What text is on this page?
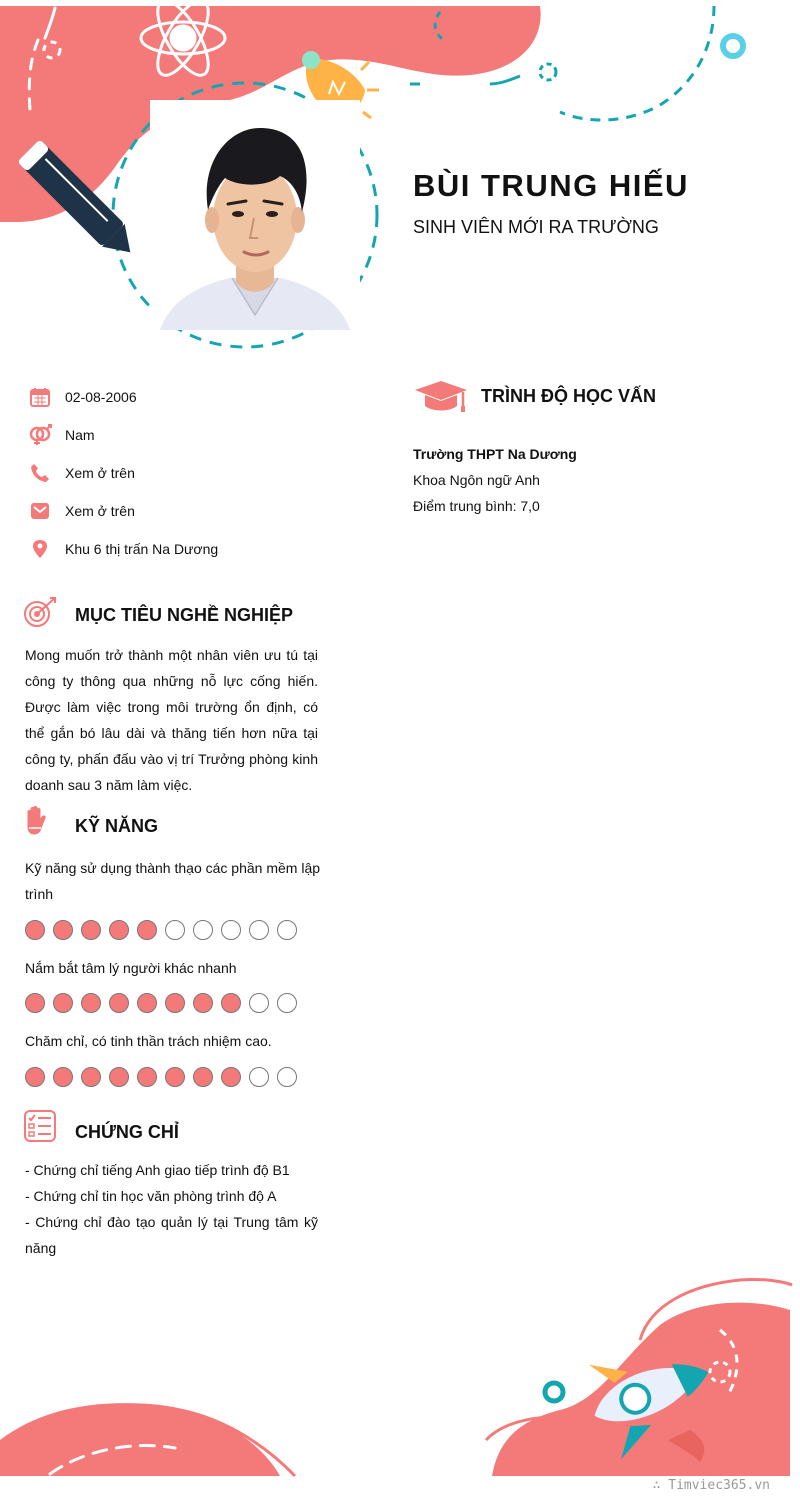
BÙI TRUNG HIẾU
SINH VIÊN MỚI RA TRƯỜNG
02-08-2006
Nam
Xem ở trên
Xem ở trên
Khu 6 thị trấn Na Dương
MỤC TIÊU NGHỀ NGHIỆP
Mong muốn trở thành một nhân viên ưu tú tại công ty thông qua những nỗ lực cống hiến. Được làm việc trong môi trường ổn định, có thể gắn bó lâu dài và thăng tiến hơn nữa tại công ty, phấn đấu vào vị trí Trưởng phòng kinh doanh sau 3 năm làm việc.
KỸ NĂNG
Kỹ năng sử dụng thành thạo các phần mềm lập trình
Nắm bắt tâm lý người khác nhanh
Chăm chỉ, có tinh thần trách nhiệm cao.
CHỨNG CHỈ
- Chứng chỉ tiếng Anh giao tiếp trình độ B1
- Chứng chỉ tin học văn phòng trình độ A
- Chứng chỉ đào tạo quản lý tại Trung tâm kỹ năng
TRÌNH ĐỘ HỌC VẤN
Trường THPT Na Dương
Khoa Ngôn ngữ Anh
Điểm trung bình: 7,0
∴ Timviec365.vn
